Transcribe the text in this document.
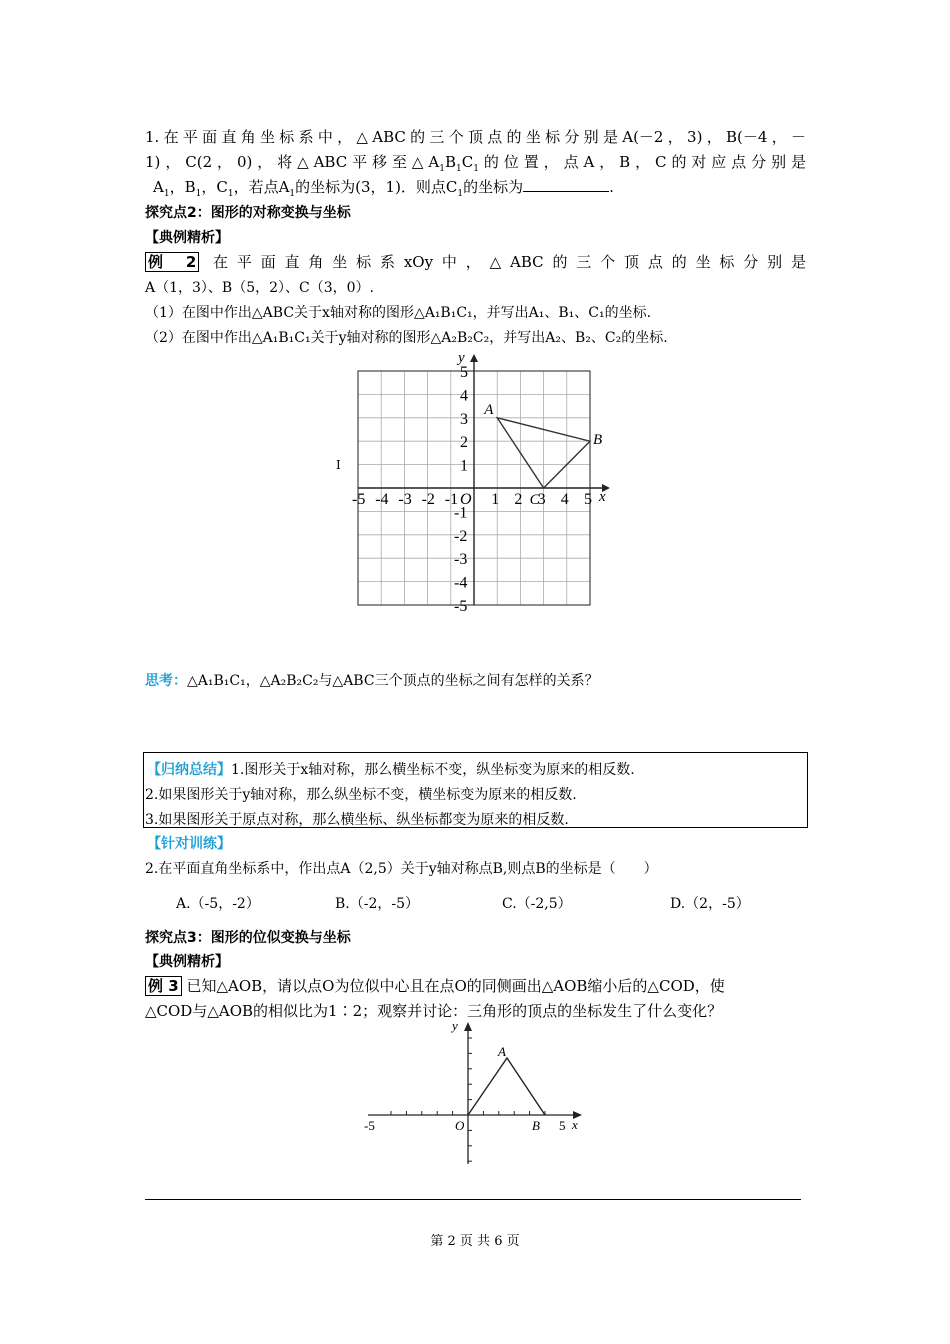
1.在平面直角坐标系中，△ABC的三个顶点的坐标分别是A(－2，3)，B(－4，－
1)，C(2，0)，将△ABC平移至$\triangle A_1B_1C_1$的位置，点A，B，C的对应点分别是
$A_1$，$B_1$，$C_1$，若点$A_1$的坐标为(3，1)．则点$C_1$的坐标为	.
探究点2：图形的对称变换与坐标
【典例精析】
例 2 在平面直角坐标系xOy中，△ABC的三个顶点的坐标分别是
A（1，3）、B（5，2）、C（3，0）.
（1）在图中作出△ABC关于x轴对称的图形△A₁B₁C₁，并写出A₁、B₁、C₁的坐标.
（2）在图中作出△A₁B₁C₁关于y轴对称的图形△A₂B₂C₂，并写出A₂、B₂、C₂的坐标.
I
x
y
-5 -4 -3 -2 -1 O 1 2 3 4 5
5
4
3
2
1
-1
-2
-3
-4
-5
A
B
C
思考：△A₁B₁C₁，△A₂B₂C₂与△ABC三个顶点的坐标之间有怎样的关系？
【归纳总结】1.图形关于x轴对称，那么横坐标不变，纵坐标变为原来的相反数.
2.如果图形关于y轴对称，那么纵坐标不变，横坐标变为原来的相反数.
3.如果图形关于原点对称，那么横坐标、纵坐标都变为原来的相反数.
【针对训练】
2.在平面直角坐标系中，作出点A（2,5）关于y轴对称点B,则点B的坐标是（　　）
A.（-5，-2）	B.（-2，-5）	C.（-2,5）	D.（2，-5）
探究点3：图形的位似变换与坐标
【典例精析】
例 3 已知△AOB，请以点O为位似中心且在点O的同侧画出△AOB缩小后的△COD，使
△COD与△AOB的相似比为1∶2；观察并讨论：三角形的顶点的坐标发生了什么变化？
y
x
A
O	B
-5	5
第 2 页 共 6 页
